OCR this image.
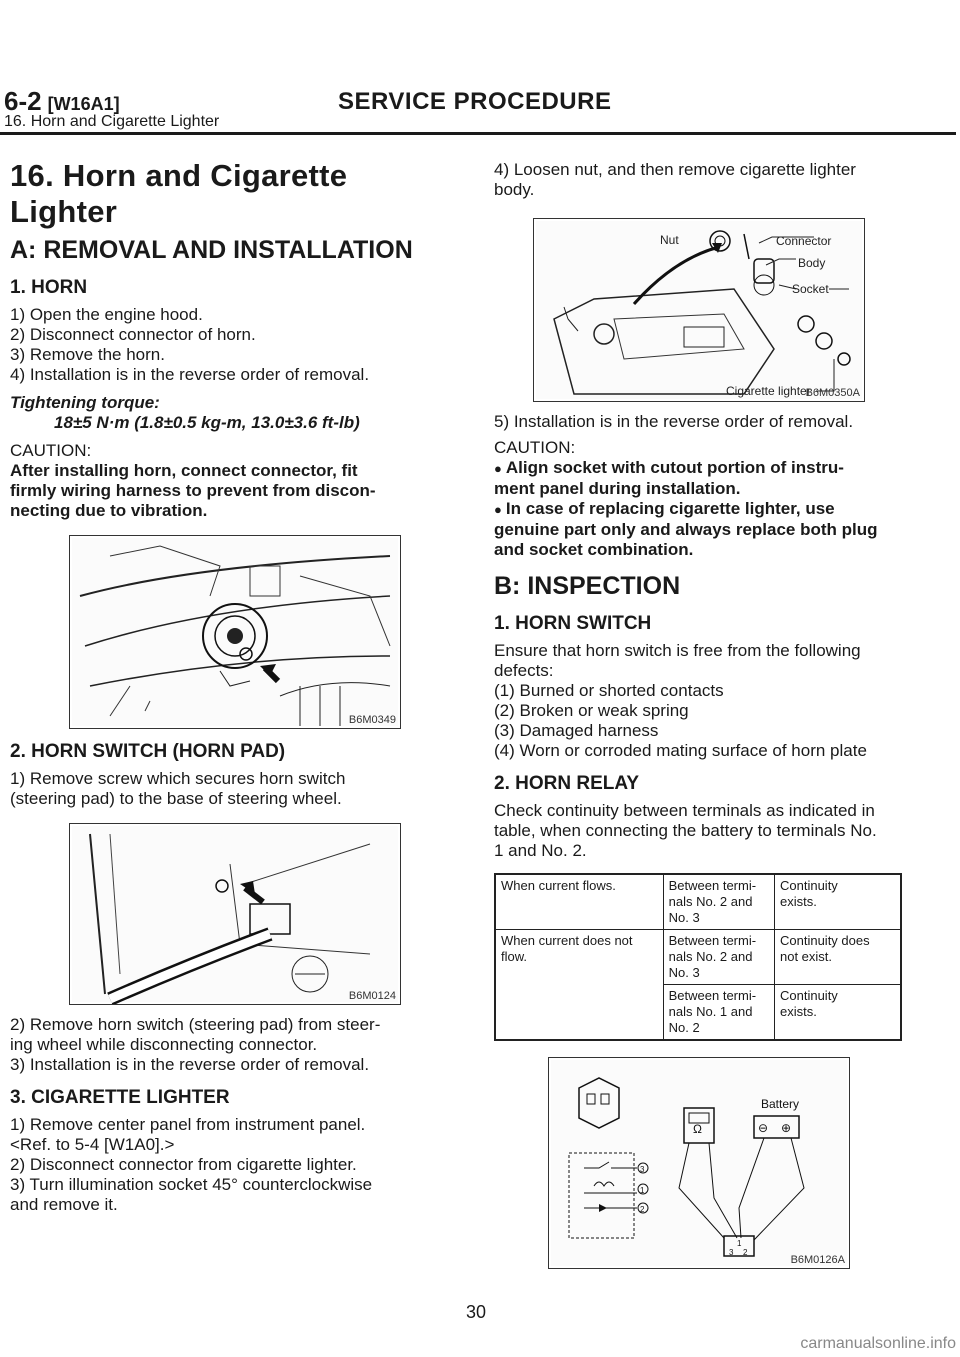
6-2 [W16A1]	SERVICE PROCEDURE
16. Horn and Cigarette Lighter
16. Horn and Cigarette Lighter
A: REMOVAL AND INSTALLATION
1. HORN

1) Open the engine hood.

2) Disconnect connector of horn.

3) Remove the horn.

4) Installation is in the reverse order of removal.

Tightening torque:
18±5 N·m (1.8±0.5 kg-m, 13.0±3.6 ft-lb)
CAUTION:
After installing horn, connect connector, fit
firmly wiring harness to prevent from discon-
necting due to vibration.
B6M0349
2. HORN SWITCH (HORN PAD)

1) Remove screw which secures horn switch

(steering pad) to the base of steering wheel.

B6M0124

2) Remove horn switch (steering pad) from steer-

ing wheel while disconnecting connector.

3) Installation is in the reverse order of removal.

3. CIGARETTE LIGHTER

1) Remove center panel from instrument panel.

<Ref. to 5-4 [W1A0].>

2) Disconnect connector from cigarette lighter.

3) Turn illumination socket 45° counterclockwise

and remove it.

4) Loosen nut, and then remove cigarette lighter

body.

Nut	Connector
Body
Socket
Cigarette lighter
B6M0350A

5) Installation is in the reverse order of removal.

CAUTION:
● Align socket with cutout portion of instru-
ment panel during installation.
● In case of replacing cigarette lighter, use
genuine part only and always replace both plug
and socket combination.
B: INSPECTION
1. HORN SWITCH

Ensure that horn switch is free from the following

defects:

(1) Burned or shorted contacts

(2) Broken or weak spring

(3) Damaged harness

(4) Worn or corroded mating surface of horn plate

2. HORN RELAY

Check continuity between terminals as indicated in

table, when connecting the battery to terminals No.

1 and No. 2.

When current flows.	Between termi-
nals No. 2 and
No. 3	Continuity
exists.
When current does not
flow.	Between termi-
nals No. 2 and
No. 3	Continuity does
not exist.
	Between termi-
nals No. 1 and
No. 2	Continuity
exists.
Battery
Ω	⊖ ⊕
3
1
2
1
3 2
B6M0126A
30
carmanualsonline.info
